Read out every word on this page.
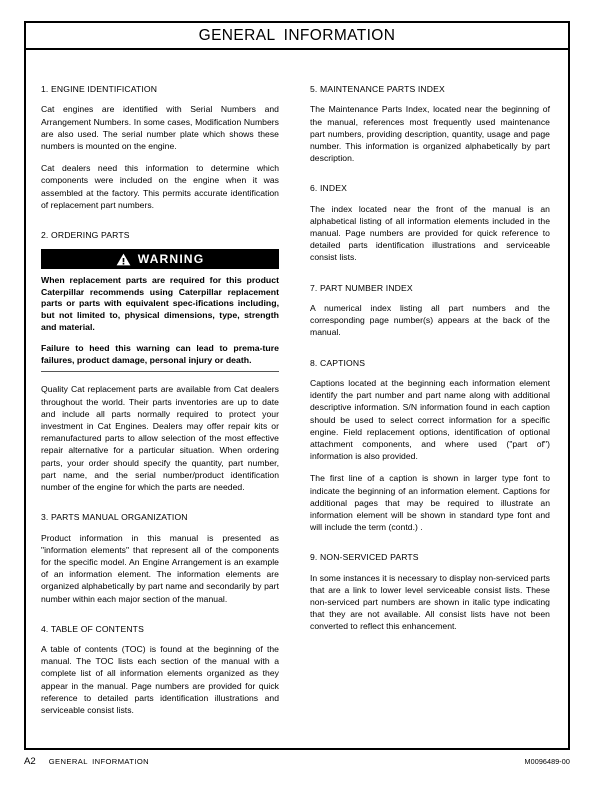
GENERAL INFORMATION
1. ENGINE IDENTIFICATION

Cat engines are identified with Serial Numbers and Arrangement Numbers. In some cases, Modification Numbers are also used. The serial number plate which shows these numbers is mounted on the engine.

Cat dealers need this information to determine which components were included on the engine when it was assembled at the factory. This permits accurate identification of replacement part numbers.

2. ORDERING PARTS
WARNING

When replacement parts are required for this product Caterpillar recommends using Caterpillar replacement parts or parts with equivalent spec-ifications including, but not limited to, physical dimensions, type, strength and material.

Failure to heed this warning can lead to prema-ture failures, product damage, personal injury or death.

Quality Cat replacement parts are available from Cat dealers throughout the world. Their parts inventories are up to date and include all parts normally required to protect your investment in Cat Engines. Dealers may offer repair kits or remanufactured parts to allow selection of the most effective repair alternative for a particular situation. When ordering parts, your order should specify the quantity, part number, part name, and the serial number/product identification number of the engine for which the parts are needed.

3. PARTS MANUAL ORGANIZATION

Product information in this manual is presented as "information elements" that represent all of the components for the specific model. An Engine Arrangement is an example of an information element. The information elements are organized alphabetically by part name and secondarily by part number within each major section of the manual.

4. TABLE OF CONTENTS

A table of contents (TOC) is found at the beginning of the manual. The TOC lists each section of the manual with a complete list of all information elements organized as they appear in the manual. Page numbers are provided for quick reference to detailed parts identification illustrations and serviceable consist lists.

5. MAINTENANCE PARTS INDEX

The Maintenance Parts Index, located near the beginning of the manual, references most frequently used maintenance part numbers, providing description, quantity, usage and page number. This information is organized alphabetically by part description.

6. INDEX

The index located near the front of the manual is an alphabetical listing of all information elements included in the manual. Page numbers are provided for quick reference to detailed parts identification illustrations and serviceable consist lists.

7. PART NUMBER INDEX

A numerical index listing all part numbers and the corresponding page number(s) appears at the back of the manual.

8. CAPTIONS

Captions located at the beginning each information element identify the part number and part name along with additional descriptive information. S/N information found in each caption should be used to select correct information for a specific engine. Field replacement options, identification of optional attachment components, and where used ("part of") information is also provided.

The first line of a caption is shown in larger type font to indicate the beginning of an information element. Captions for additional pages that may be required to illustrate an information element will be shown in standard type font and will include the term (contd.) .

9. NON-SERVICED PARTS

In some instances it is necessary to display non-serviced parts that are a link to lower level serviceable consist lists. These non-serviced part numbers are shown in italic type indicating that they are not available. All consist lists have not been converted to reflect this enhancement.

A2 GENERAL INFORMATION	M0096489-00
